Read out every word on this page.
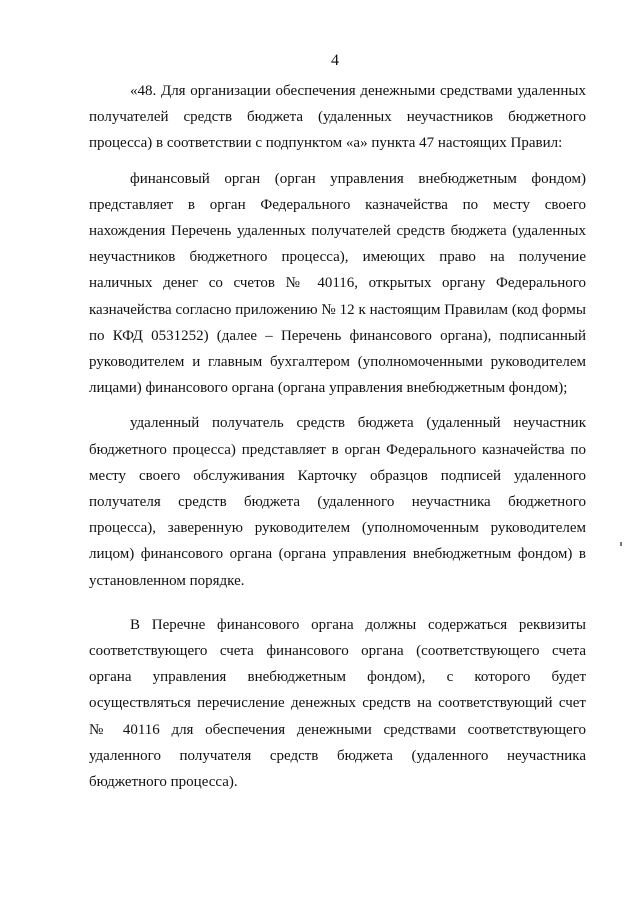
4

«48. Для организации обеспечения денежными средствами удаленных получателей средств бюджета (удаленных неучастников бюджетного процесса) в соответствии с подпунктом «а» пункта 47 настоящих Правил:

финансовый орган (орган управления внебюджетным фондом) представляет в орган Федерального казначейства по месту своего нахождения Перечень удаленных получателей средств бюджета (удаленных неучастников бюджетного процесса), имеющих право на получение наличных денег со счетов № 40116, открытых органу Федерального казначейства согласно приложению № 12 к настоящим Правилам (код формы по КФД 0531252) (далее – Перечень финансового органа), подписанный руководителем и главным бухгалтером (уполномоченными руководителем лицами) финансового органа (органа управления внебюджетным фондом);

удаленный получатель средств бюджета (удаленный неучастник бюджетного процесса) представляет в орган Федерального казначейства по месту своего обслуживания Карточку образцов подписей удаленного получателя средств бюджета (удаленного неучастника бюджетного процесса), заверенную руководителем (уполномоченным руководителем лицом) финансового органа (органа управления внебюджетным фондом) в установленном порядке.

В Перечне финансового органа должны содержаться реквизиты соответствующего счета финансового органа (соответствующего счета органа управления внебюджетным фондом), с которого будет осуществляться перечисление денежных средств на соответствующий счет № 40116 для обеспечения денежными средствами соответствующего удаленного получателя средств бюджета (удаленного неучастника бюджетного процесса).
